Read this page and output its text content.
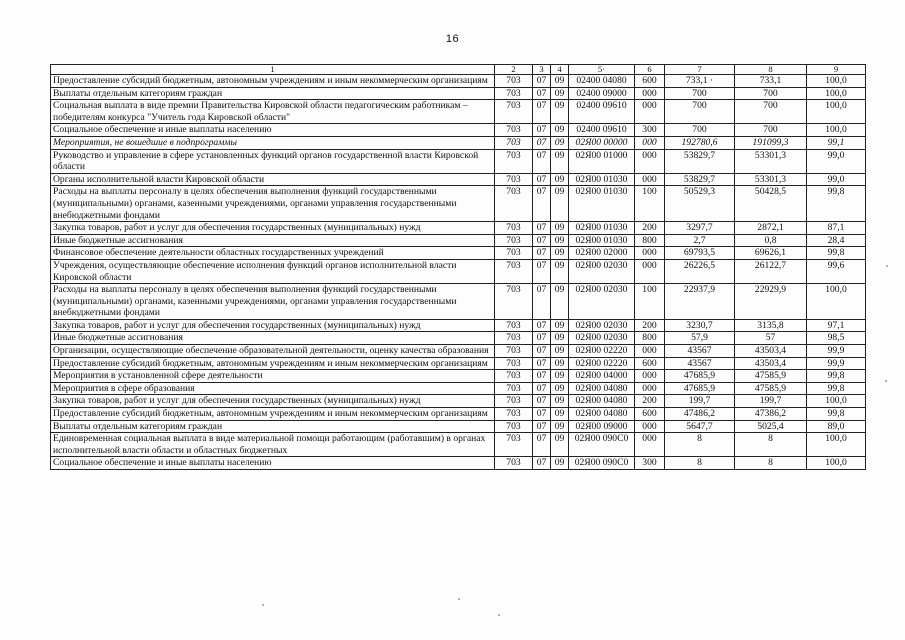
16
1	2	3	4	5·	6	7	8	9
Предоставление субсидий бюджетным, автономным учреждениям и иным некоммерческим организациям	703	07	09	02400 04080	600	733,1 ·	733,1	100,0
Выплаты отдельным категориям граждан	703	07	09	02400 09000	000	700	700	100,0
Социальная выплата в виде премии Правительства Кировской области педагогическим работникам – победителям конкурса "Учитель года Кировской области"	703	07	09	02400 09610	000	700	700	100,0
Социальное обеспечение и иные выплаты населению	703	07	09	02400 09610	300	700	700	100,0
Мероприятия, не вошедшие в подпрограммы	703	07	09	02Я00 00000	000	192780,6	191099,3	99,1
Руководство и управление в сфере установленных функций органов государственной власти Кировской области	703	07	09	02Я00 01000	000	53829,7	53301,3	99,0
Органы исполнительной власти Кировской области	703	07	09	02Я00 01030	000	53829,7	53301,3	99,0
Расходы на выплаты персоналу в целях обеспечения выполнения функций государственными (муниципальными) органами, казенными учреждениями, органами управления государственными внебюджетными фондами	703	07	09	02Я00 01030	100	50529,3	50428,5	99,8
Закупка товаров, работ и услуг для обеспечения государственных (муниципальных) нужд	703	07	09	02Я00 01030	200	3297,7	2872,1	87,1
Иные бюджетные ассигнования	703	07	09	02Я00 01030	800	2,7	0,8	28,4
Финансовое обеспечение деятельности областных государственных учреждений	703	07	09	02Я00 02000	000	69793,5	69626,1	99,8
Учреждения, осуществляющие обеспечение исполнения функций органов исполнительной власти Кировской области	703	07	09	02Я00 02030	000	26226,5	26122,7	99,6
Расходы на выплаты персоналу в целях обеспечения выполнения функций государственными (муниципальными) органами, казенными учреждениями, органами управления государственными внебюджетными фондами	703	07	09	02Я00 02030	100	22937,9	22929,9	100,0
Закупка товаров, работ и услуг для обеспечения государственных (муниципальных) нужд	703	07	09	02Я00 02030	200	3230,7	3135,8	97,1
Иные бюджетные ассигнования	703	07	09	02Я00 02030	800	57,9	57	98,5
Организации, осуществляющие обеспечение образовательной деятельности, оценку качества образования	703	07	09	02Я00 02220	000	43567	43503,4	99,9
Предоставление субсидий бюджетным, автономным учреждениям и иным некоммерческим организациям	703	07	09	02Я00 02220	600	43567	43503,4	99,9
Мероприятия в установленной сфере деятельности	703	07	09	02Я00 04000	000	47685,9	47585,9	99,8
Мероприятия в сфере образования	703	07	09	02Я00 04080	000	47685,9	47585,9	99,8
Закупка товаров, работ и услуг для обеспечения государственных (муниципальных) нужд	703	07	09	02Я00 04080	200	199,7	199,7	100,0
Предоставление субсидий бюджетным, автономным учреждениям и иным некоммерческим организациям	703	07	09	02Я00 04080	600	47486,2	47386,2	99,8
Выплаты отдельным категориям граждан	703	07	09	02Я00 09000	000	5647,7	5025,4	89,0
Единовременная социальная выплата в виде материальной помощи работающим (работавшим) в органах исполнительной власти области и областных бюджетных	703	07	09	02Я00 090С0	000	8	8	100,0
Социальное обеспечение и иные выплаты населению	703	07	09	02Я00 090С0	300	8	8	100,0
